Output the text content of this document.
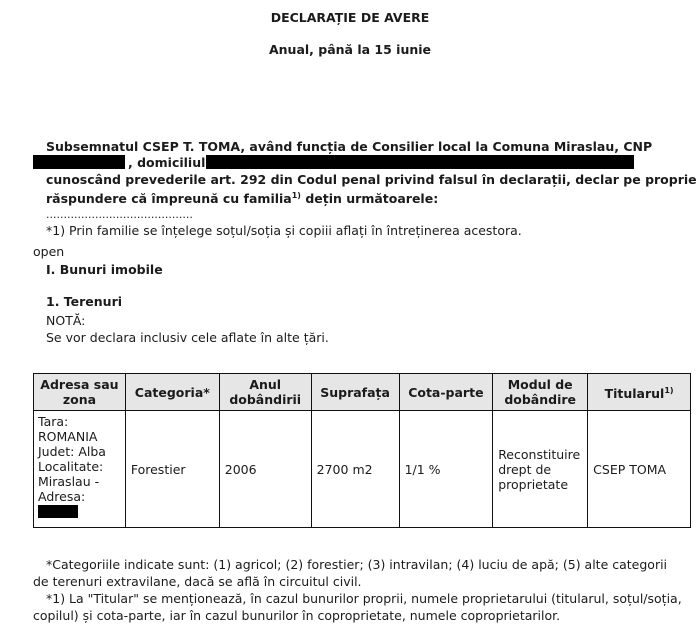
DECLARAȚIE DE AVERE
Anual, până la 15 iunie
Subsemnatul CSEP T. TOMA, având funcția de Consilier local la Comuna Miraslau, CNP
, domiciliul
cunoscând prevederile art. 292 din Codul penal privind falsul în declarații, declar pe proprie
răspundere că împreună cu familia$^{1)}$ dețin următoarele:
..........................................
*1) Prin familie se înțelege soțul/soția și copiii aflați în întreținerea acestora.
open
I. Bunuri imobile
1. Terenuri
NOTĂ:
Se vor declara inclusiv cele aflate în alte țări.
Adresa sau zona	Categoria*	Anul dobândirii	Suprafața	Cota-parte	Modul de dobândire	Titularul$^{1)}$

Tara: ROMANIA Judet: Alba Localitate: Miraslau - Adresa:	Forestier	2006	2700 m2	1/1 %	Reconstituire drept de proprietate	CSEP TOMA
*Categoriile indicate sunt: (1) agricol; (2) forestier; (3) intravilan; (4) luciu de apă; (5) alte categorii de terenuri extravilane, dacă se află în circuitul civil.
*1) La "Titular" se menționează, în cazul bunurilor proprii, numele proprietarului (titularul, soțul/soția, copilul) și cota-parte, iar în cazul bunurilor în coproprietate, numele coproprietarilor.
